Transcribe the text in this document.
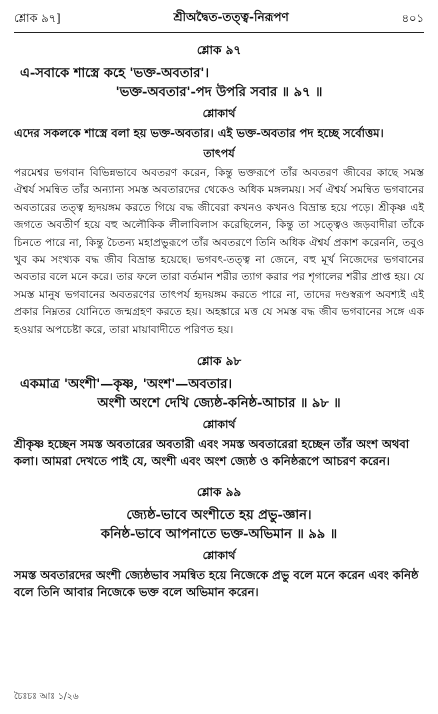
শ্লোক ৯৭]	শ্রীঅদ্বৈত-তত্ত্ব-নিরূপণ	৪০১
শ্লোক ৯৭
এ-সবাকে শাস্ত্রে কহে 'ভক্ত-অবতার'।
'ভক্ত-অবতার'-পদ উপরি সবার ॥ ৯৭ ॥
শ্লোকার্থ
এদের সকলকে শাস্ত্রে বলা হয় ভক্ত-অবতার। এই ভক্ত-অবতার পদ হচ্ছে সর্বোত্তম।
তাৎপর্য
পরমেশ্বর ভগবান বিভিন্নভাবে অবতরণ করেন, কিন্তু ভক্তরূপে তাঁর অবতরণ জীবের কাছে সমস্ত ঐশ্বর্য সমন্বিত তাঁর অন্যান্য সমস্ত অবতারদের থেকেও অধিক মঙ্গলময়। সর্ব ঐশ্বর্য সমন্বিত ভগবানের অবতারের তত্ত্ব হৃদয়ঙ্গম করতে গিয়ে বদ্ধ জীবেরা কখনও কখনও বিভ্রান্ত হয়ে পড়ে। শ্রীকৃষ্ণ এই জগতে অবতীর্ণ হয়ে বহু অলৌকিক লীলাবিলাস করেছিলেন, কিন্তু তা সত্ত্বেও জড়বাদীরা তাঁকে চিনতে পারে না, কিন্তু চৈতন্য মহাপ্রভুরূপে তাঁর অবতরণে তিনি অধিক ঐশ্বর্য প্রকাশ করেননি, তবুও খুব কম সংখ্যক বদ্ধ জীব বিভ্রান্ত হয়েছে। ভগবৎ-তত্ত্ব না জেনে, বহু মূর্খ নিজেদের ভগবানের অবতার বলে মনে করে। তার ফলে তারা বর্তমান শরীর ত্যাগ করার পর শৃগালের শরীর প্রাপ্ত হয়। যে সমস্ত মানুষ ভগবানের অবতরণের তাৎপর্য হৃদয়ঙ্গম করতে পারে না, তাদের দণ্ডস্বরূপ অবশ্যই এই প্রকার নিম্নতর যোনিতে জন্মগ্রহণ করতে হয়। অহঙ্কারে মত্ত যে সমস্ত বদ্ধ জীব ভগবানের সঙ্গে এক হওয়ার অপচেষ্টা করে, তারা মায়াবাদীতে পরিণত হয়।
শ্লোক ৯৮
একমাত্র 'অংশী'—কৃষ্ণ, 'অংশ'—অবতার।
অংশী অংশে দেখি জ্যেষ্ঠ-কনিষ্ঠ-আচার ॥ ৯৮ ॥
শ্লোকার্থ
শ্রীকৃষ্ণ হচ্ছেন সমস্ত অবতারের অবতারী এবং সমস্ত অবতারেরা হচ্ছেন তাঁর অংশ অথবা কলা। আমরা দেখতে পাই যে, অংশী এবং অংশ জ্যেষ্ঠ ও কনিষ্ঠরূপে আচরণ করেন।
শ্লোক ৯৯
জ্যেষ্ঠ-ভাবে অংশীতে হয় প্রভু-জ্ঞান।
কনিষ্ঠ-ভাবে আপনাতে ভক্ত-অভিমান ॥ ৯৯ ॥
শ্লোকার্থ
সমস্ত অবতারদের অংশী জ্যেষ্ঠভাব সমন্বিত হয়ে নিজেকে প্রভু বলে মনে করেন এবং কনিষ্ঠ বলে তিনি আবার নিজেকে ভক্ত বলে অভিমান করেন।
চৈঃচঃ আঃ ১/২৬
